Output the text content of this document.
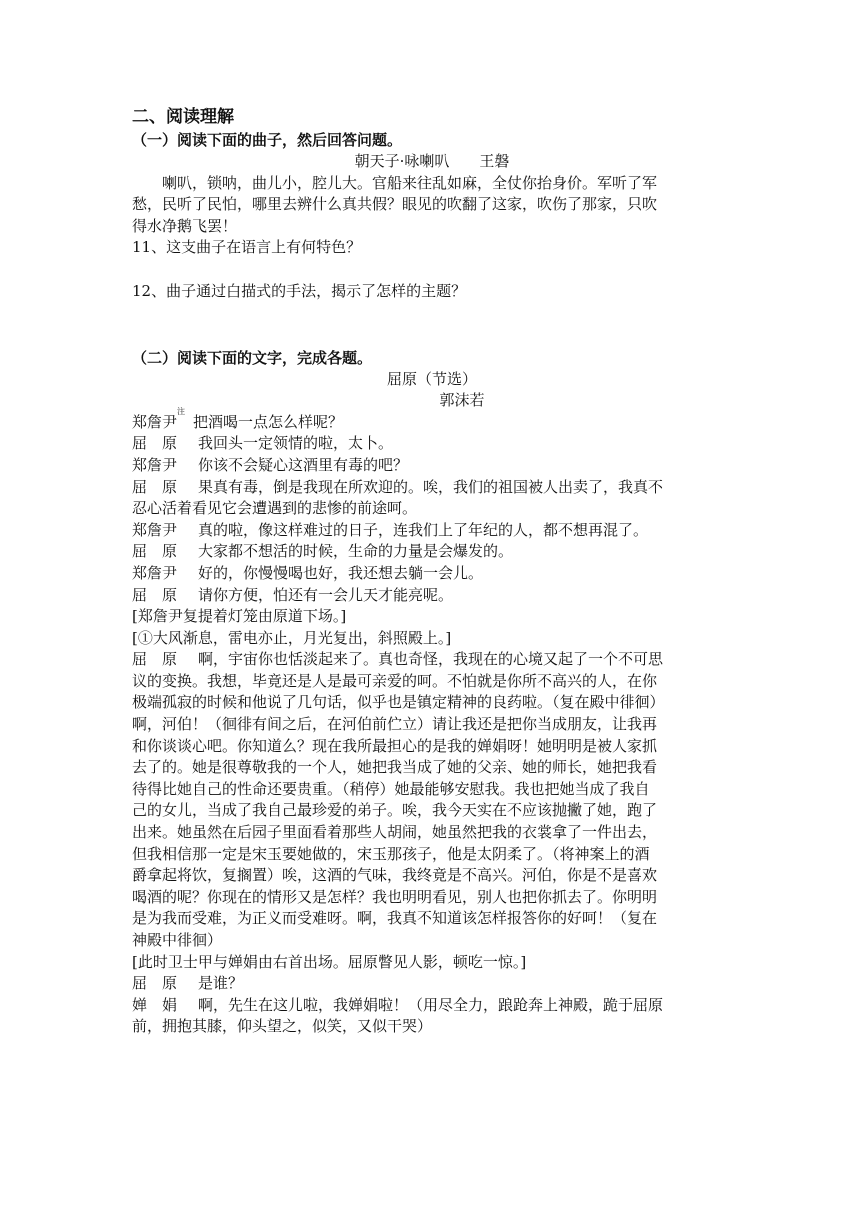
二、阅读理解

（一）阅读下面的曲子，然后回答问题。

朝天子·咏喇叭　　王磐

喇叭，锁呐，曲儿小，腔儿大。官船来往乱如麻，全仗你抬身价。军听了军

愁，民听了民怕，哪里去辨什么真共假？眼见的吹翻了这家，吹伤了那家，只吹

得水净鹅飞罢！

11、这支曲子在语言上有何特色？

12、曲子通过白描式的手法，揭示了怎样的主题？

（二）阅读下面的文字，完成各题。

屈原（节选）

郭沫若

郑詹尹
注
把酒喝一点怎么样呢？
屈　原	我回头一定领情的啦，太卜。
郑詹尹	你该不会疑心这酒里有毒的吧？
屈　原	果真有毒，倒是我现在所欢迎的。唉，我们的祖国被人出卖了，我真不
忍心活着看见它会遭遇到的悲惨的前途呵。
郑詹尹	真的啦，像这样难过的日子，连我们上了年纪的人，都不想再混了。
屈　原	大家都不想活的时候，生命的力量是会爆发的。
郑詹尹	好的，你慢慢喝也好，我还想去躺一会儿。
屈　原	请你方便，怕还有一会儿天才能亮呢。
[郑詹尹复提着灯笼由原道下场。]
[①大风渐息，雷电亦止，月光复出，斜照殿上。]
屈　原	啊，宇宙你也恬淡起来了。真也奇怪，我现在的心境又起了一个不可思
议的变换。我想，毕竟还是人是最可亲爱的呵。不怕就是你所不高兴的人，在你
极端孤寂的时候和他说了几句话，似乎也是镇定精神的良药啦。（复在殿中徘徊）
啊，河伯！（徊徘有间之后，在河伯前伫立）请让我还是把你当成朋友，让我再
和你谈谈心吧。你知道么？现在我所最担心的是我的婵娟呀！她明明是被人家抓
去了的。她是很尊敬我的一个人，她把我当成了她的父亲、她的师长，她把我看
待得比她自己的性命还要贵重。（稍停）她最能够安慰我。我也把她当成了我自
己的女儿，当成了我自己最珍爱的弟子。唉，我今天实在不应该抛撇了她，跑了
出来。她虽然在后园子里面看着那些人胡闹，她虽然把我的衣裳拿了一件出去，
但我相信那一定是宋玉要她做的，宋玉那孩子，他是太阴柔了。（将神案上的酒
爵拿起将饮，复搁置）唉，这酒的气味，我终竟是不高兴。河伯，你是不是喜欢
喝酒的呢？你现在的情形又是怎样？我也明明看见，别人也把你抓去了。你明明
是为我而受难，为正义而受难呀。啊，我真不知道该怎样报答你的好呵！（复在
神殿中徘徊）
[此时卫士甲与婵娟由右首出场。屈原瞥见人影，顿吃一惊。]
屈　原	是谁？
婵　娟	啊，先生在这儿啦，我婵娟啦！（用尽全力，踉跄奔上神殿，跪于屈原
前，拥抱其膝，仰头望之，似笑，又似干哭）
